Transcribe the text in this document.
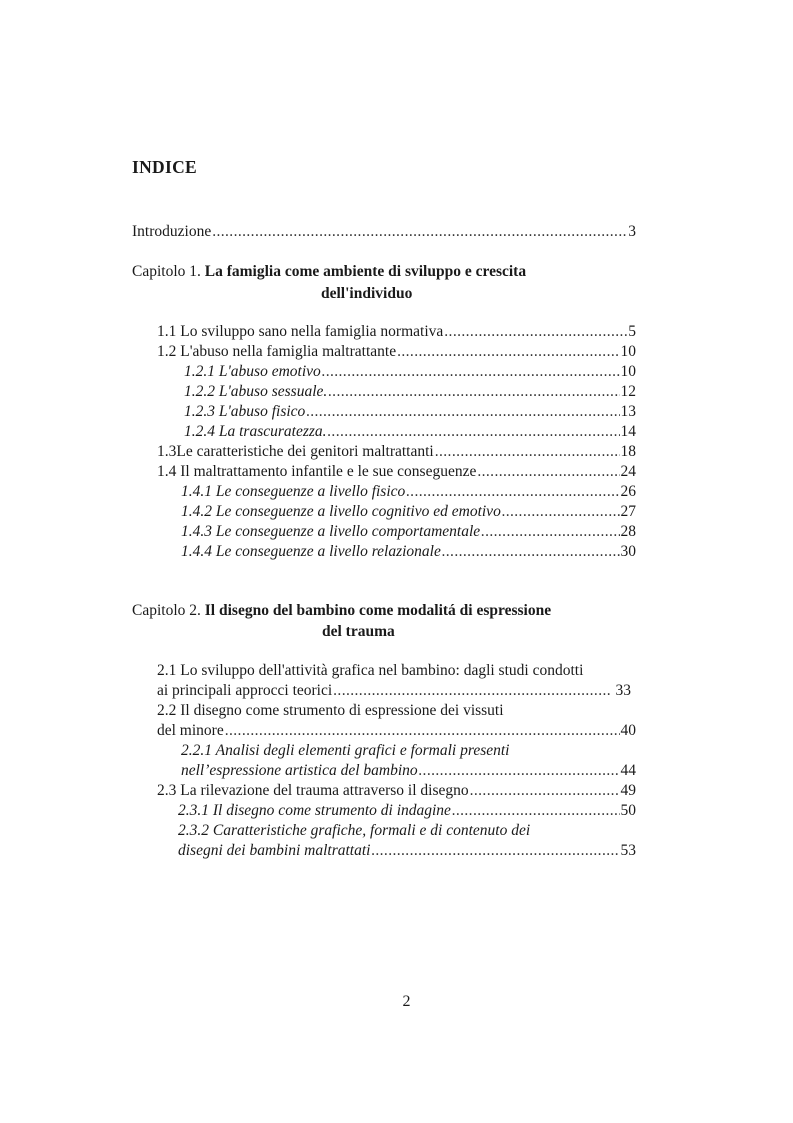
INDICE
Introduzione .....	3
Capitolo 1. La famiglia come ambiente di sviluppo e crescita
dell'individuo
1.1 Lo sviluppo sano nella famiglia normativa .....	5
1.2 L'abuso nella famiglia maltrattante .....	10
1.2.1 L'abuso emotivo .....	10
1.2.2 L'abuso sessuale. .....	12
1.2.3 L'abuso fisico .....	13
1.2.4 La trascuratezza. .....	14
1.3Le caratteristiche dei genitori maltrattanti .....	18
1.4 Il maltrattamento infantile e le sue conseguenze .....	24
1.4.1 Le conseguenze a livello fisico .....	26
1.4.2 Le conseguenze a livello cognitivo ed emotivo .....	27
1.4.3 Le conseguenze a livello comportamentale .....	28
1.4.4 Le conseguenze a livello relazionale .....	30
Capitolo 2. Il disegno del bambino come modalitá di espressione
del trauma
2.1 Lo sviluppo dell'attività grafica nel bambino: dagli studi condotti
ai principali approcci teorici .....	33
2.2 Il disegno come strumento di espressione dei vissuti
del minore .....	40
2.2.1 Analisi degli elementi grafici e formali presenti
nell’espressione artistica del bambino .....	44
2.3 La rilevazione del trauma attraverso il disegno .....	49
2.3.1 Il disegno come strumento di indagine .....	50
2.3.2 Caratteristiche grafiche, formali e di contenuto dei
disegni dei bambini maltrattati .....	53
2
